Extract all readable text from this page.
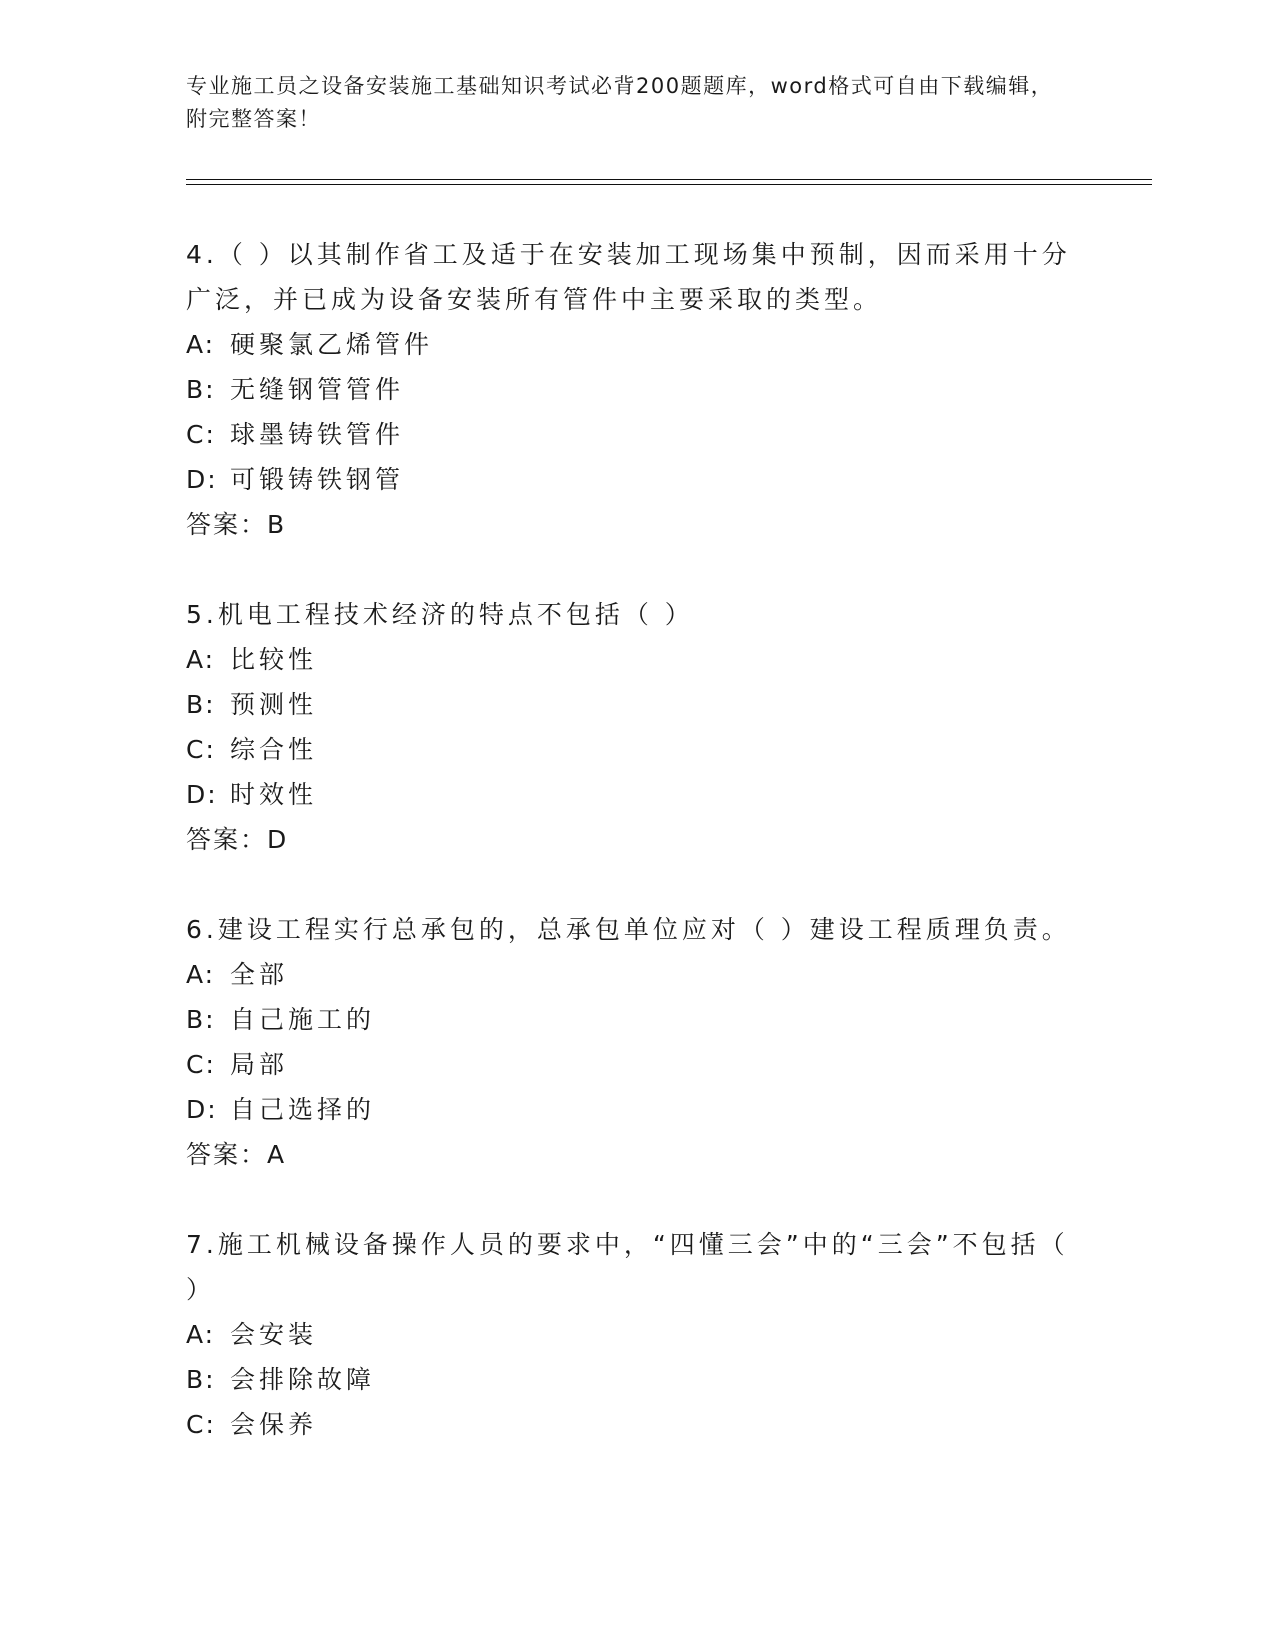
专业施工员之设备安装施工基础知识考试必背200题题库，word格式可自由下载编辑，附完整答案！
4.（ ）以其制作省工及适于在安装加工现场集中预制，因而采用十分广泛，并已成为设备安装所有管件中主要采取的类型。
A: 硬聚氯乙烯管件
B: 无缝钢管管件
C: 球墨铸铁管件
D: 可锻铸铁钢管
答案：B
5.机电工程技术经济的特点不包括（ ）
A: 比较性
B: 预测性
C: 综合性
D: 时效性
答案：D
6.建设工程实行总承包的，总承包单位应对（ ）建设工程质理负责。
A: 全部
B: 自己施工的
C: 局部
D: 自己选择的
答案：A
7.施工机械设备操作人员的要求中，“四懂三会”中的“三会”不包括（ ）
A: 会安装
B: 会排除故障
C: 会保养
